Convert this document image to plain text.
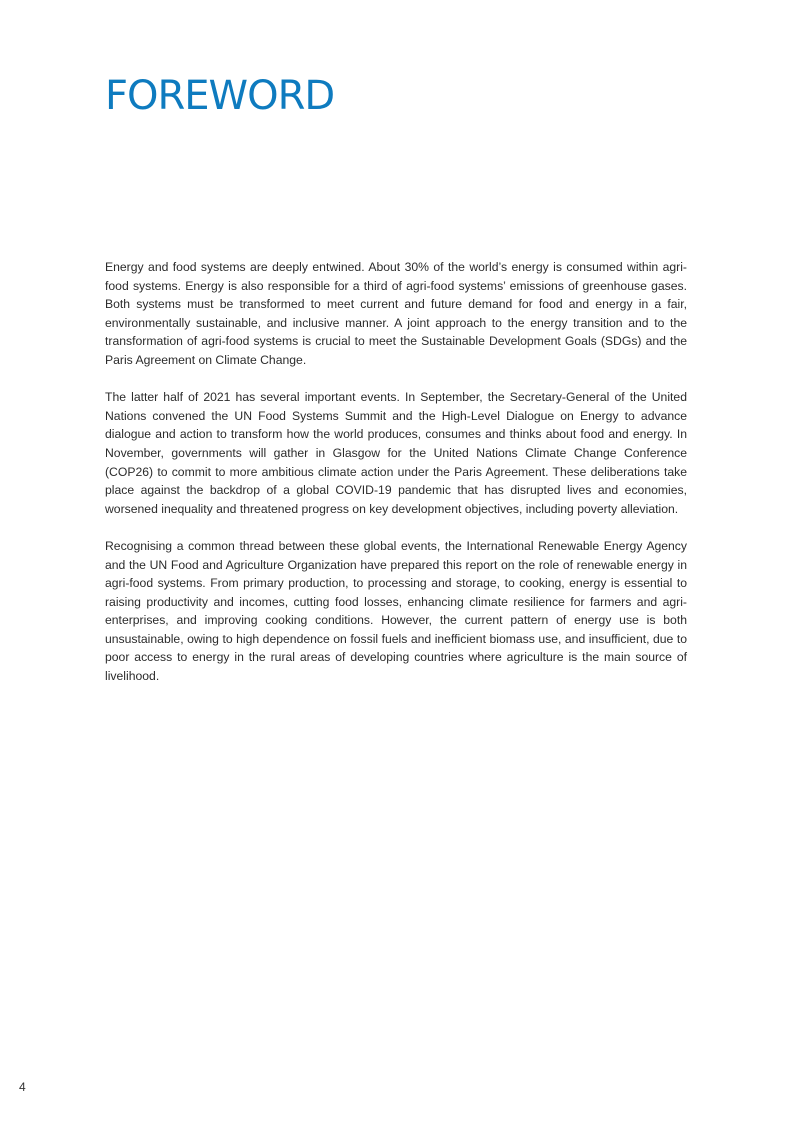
FOREWORD

Energy and food systems are deeply entwined. About 30% of the world’s energy is consumed within agri-food systems. Energy is also responsible for a third of agri-food systems’ emissions of greenhouse gases. Both systems must be transformed to meet current and future demand for food and energy in a fair, environmentally sustainable, and inclusive manner. A joint approach to the energy transition and to the transformation of agri-food systems is crucial to meet the Sustainable Development Goals (SDGs) and the Paris Agreement on Climate Change.

The latter half of 2021 has several important events. In September, the Secretary-General of the United Nations convened the UN Food Systems Summit and the High-Level Dialogue on Energy to advance dialogue and action to transform how the world produces, consumes and thinks about food and energy. In November, governments will gather in Glasgow for the United Nations Climate Change Conference (COP26) to commit to more ambitious climate action under the Paris Agreement. These deliberations take place against the backdrop of a global COVID-19 pandemic that has disrupted lives and economies, worsened inequality and threatened progress on key development objectives, including poverty alleviation.

Recognising a common thread between these global events, the International Renewable Energy Agency and the UN Food and Agriculture Organization have prepared this report on the role of renewable energy in agri-food systems. From primary production, to processing and storage, to cooking, energy is essential to raising productivity and incomes, cutting food losses, enhancing climate resilience for farmers and agri-enterprises, and improving cooking conditions. However, the current pattern of energy use is both unsustainable, owing to high dependence on fossil fuels and inefficient biomass use, and insufficient, due to poor access to energy in the rural areas of developing countries where agriculture is the main source of livelihood.

4
